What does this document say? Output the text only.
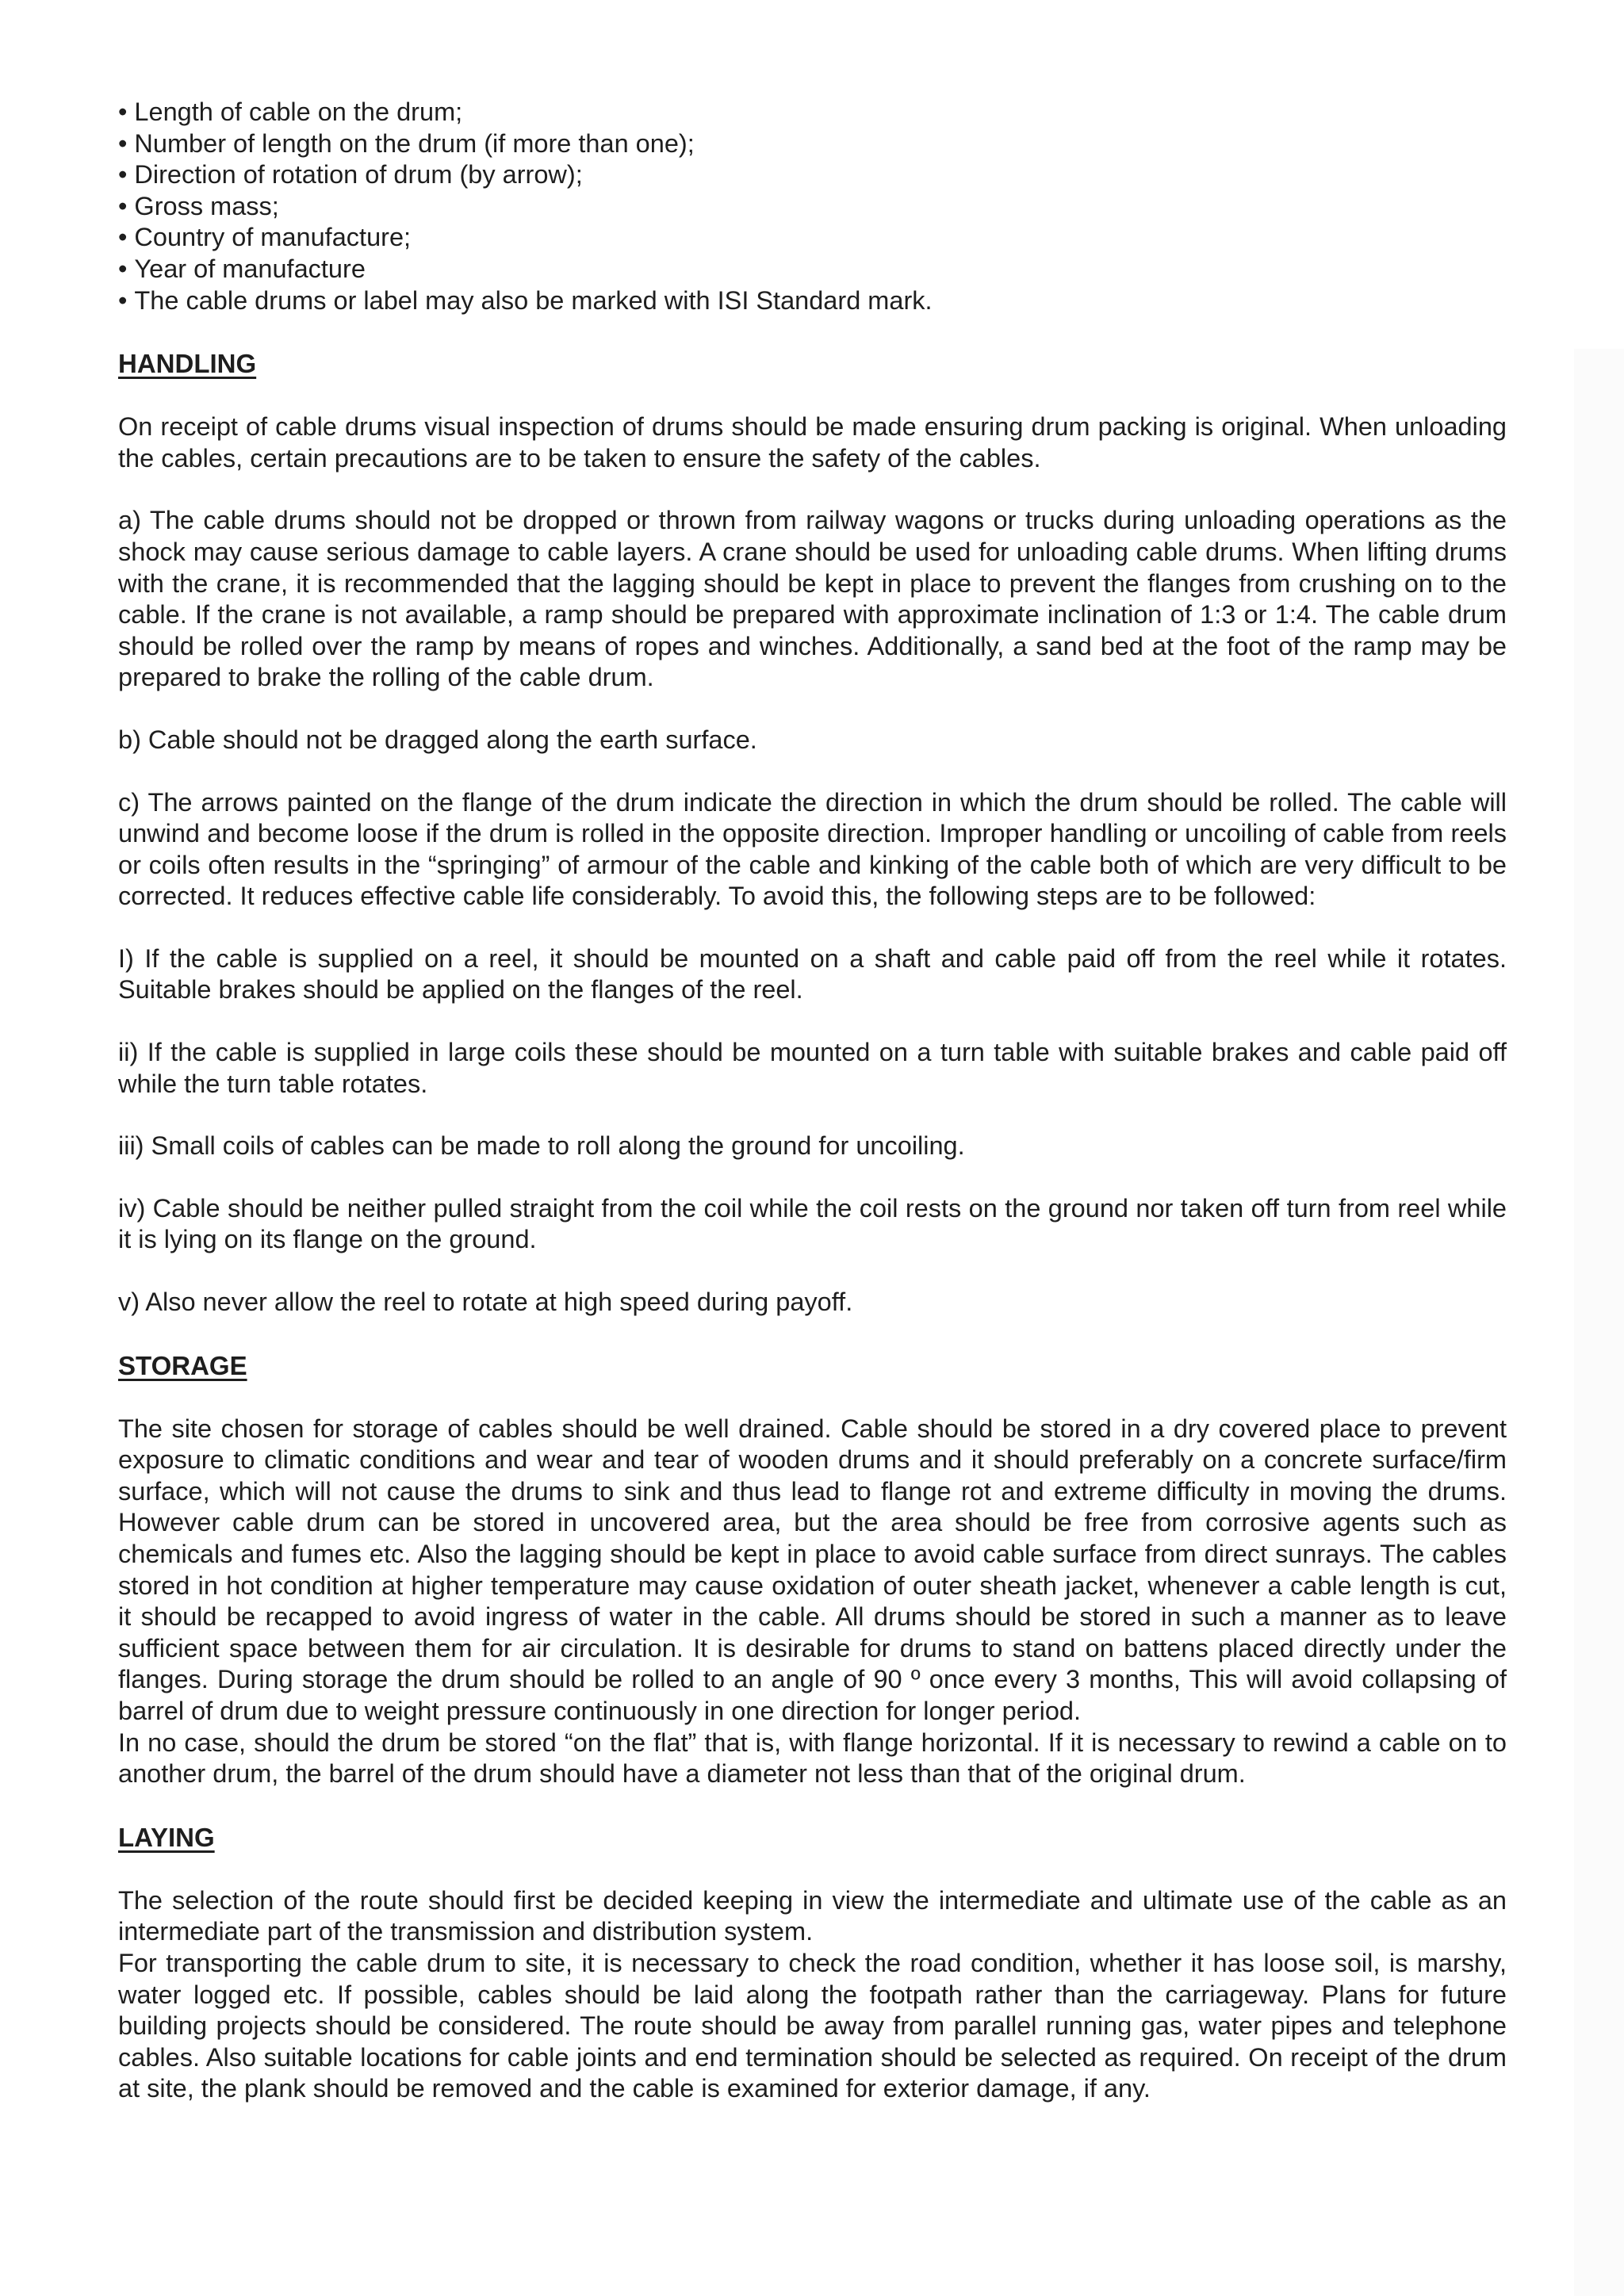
• Length of cable on the drum;
• Number of length on the drum (if more than one);
• Direction of rotation of drum (by arrow);
• Gross mass;
• Country of manufacture;
• Year of manufacture
• The cable drums or label may also be marked with ISI Standard mark.
HANDLING

On receipt of cable drums visual inspection of drums should be made ensuring drum packing is original. When unloading the cables, certain precautions are to be taken to ensure the safety of the cables.

a) The cable drums should not be dropped or thrown from railway wagons or trucks during unloading operations as the shock may cause serious damage to cable layers. A crane should be used for unloading cable drums. When lifting drums with the crane, it is recommended that the lagging should be kept in place to prevent the flanges from crushing on to the cable. If the crane is not available, a ramp should be prepared with approximate inclination of 1:3 or 1:4. The cable drum should be rolled over the ramp by means of ropes and winches. Additionally, a sand bed at the foot of the ramp may be prepared to brake the rolling of the cable drum.

b) Cable should not be dragged along the earth surface.

c) The arrows painted on the flange of the drum indicate the direction in which the drum should be rolled. The cable will unwind and become loose if the drum is rolled in the opposite direction. Improper handling or uncoiling of cable from reels or coils often results in the “springing” of armour of the cable and kinking of the cable both of which are very difficult to be corrected. It reduces effective cable life considerably. To avoid this, the following steps are to be followed:

I) If the cable is supplied on a reel, it should be mounted on a shaft and cable paid off from the reel while it rotates. Suitable brakes should be applied on the flanges of the reel.

ii) If the cable is supplied in large coils these should be mounted on a turn table with suitable brakes and cable paid off while the turn table rotates.

iii) Small coils of cables can be made to roll along the ground for uncoiling.

iv) Cable should be neither pulled straight from the coil while the coil rests on the ground nor taken off turn from reel while it is lying on its flange on the ground.

v) Also never allow the reel to rotate at high speed during payoff.

STORAGE

The site chosen for storage of cables should be well drained. Cable should be stored in a dry covered place to prevent exposure to climatic conditions and wear and tear of wooden drums and it should preferably on a concrete surface/firm surface, which will not cause the drums to sink and thus lead to flange rot and extreme difficulty in moving the drums. However cable drum can be stored in uncovered area, but the area should be free from corrosive agents such as chemicals and fumes etc. Also the lagging should be kept in place to avoid cable surface from direct sunrays. The cables stored in hot condition at higher temperature may cause oxidation of outer sheath jacket, whenever a cable length is cut, it should be recapped to avoid ingress of water in the cable. All drums should be stored in such a manner as to leave sufficient space between them for air circulation. It is desirable for drums to stand on battens placed directly under the flanges. During storage the drum should be rolled to an angle of 90 º once every 3 months, This will avoid collapsing of barrel of drum due to weight pressure continuously in one direction for longer period.

In no case, should the drum be stored “on the flat” that is, with flange horizontal. If it is necessary to rewind a cable on to another drum, the barrel of the drum should have a diameter not less than that of the original drum.

LAYING

The selection of the route should first be decided keeping in view the intermediate and ultimate use of the cable as an intermediate part of the transmission and distribution system.

For transporting the cable drum to site, it is necessary to check the road condition, whether it has loose soil, is marshy, water logged etc. If possible, cables should be laid along the footpath rather than the carriageway. Plans for future building projects should be considered. The route should be away from parallel running gas, water pipes and telephone cables. Also suitable locations for cable joints and end termination should be selected as required. On receipt of the drum at site, the plank should be removed and the cable is examined for exterior damage, if any.
